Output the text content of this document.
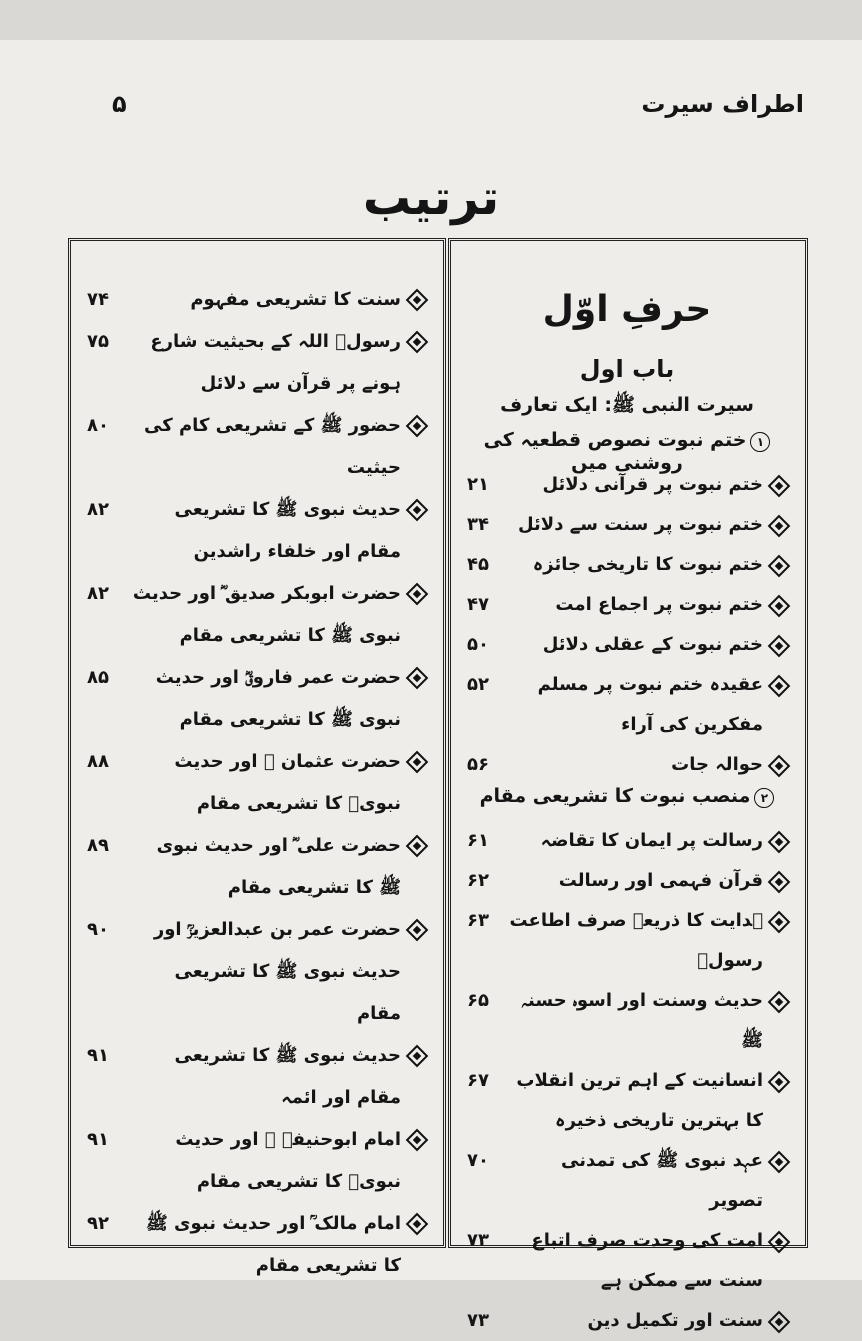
اطراف سیرت
۵
ترتیب
حرفِ اوّل
باب اول
سیرت النبی ﷺ: ایک تعارف
۱ختم نبوت نصوص قطعیہ کی روشنی میں
ختم نبوت پر قرآنی دلائل
۲۱
ختم نبوت پر سنت سے دلائل
۳۴
ختم نبوت کا تاریخی جائزہ
۴۵
ختم نبوت پر اجماع امت
۴۷
ختم نبوت کے عقلی دلائل
۵۰
عقیدہ ختم نبوت پر مسلم مفکرین کی آراء
۵۲
حوالہ جات
۵۶
۲منصب نبوت کا تشریعی مقام
رسالت پر ایمان کا تقاضہ
۶۱
قرآن فہمی اور رسالت
۶۲
ہدایت کا ذریعہ صرف اطاعت رسولؐ
۶۳
حدیث وسنت اور اسوہ حسنہ ﷺ
۶۵
انسانیت کے اہم ترین انقلاب کا بہترین تاریخی ذخیرہ
۶۷
عہد نبوی ﷺ کی تمدنی تصویر
۷۰
امت کی وحدت صرف اتباع سنت سے ممکن ہے
۷۳
سنت اور تکمیل دین
۷۳
سنت کا تشریعی مفہوم
۷۴
رسولؐ اللہ کے بحیثیت شارع ہونے پر قرآن سے دلائل
۷۵
حضور ﷺ کے تشریعی کام کی حیثیت
۸۰
حدیث نبوی ﷺ کا تشریعی مقام اور خلفاء راشدین
۸۲
حضرت ابوبکر صدیق ؓ اور حدیث نبوی ﷺ کا تشریعی مقام
۸۲
حضرت عمر فاروقؓ اور حدیث نبوی ﷺ کا تشریعی مقام
۸۵
حضرت عثمان ؓ اور حدیث نبویؐ کا تشریعی مقام
۸۸
حضرت علی ؓ اور حدیث نبوی ﷺ کا تشریعی مقام
۸۹
حضرت عمر بن عبدالعزیزؒ اور حدیث نبوی ﷺ کا تشریعی مقام
۹۰
حدیث نبوی ﷺ کا تشریعی مقام اور ائمہ
۹۱
امام ابوحنیفہ ؒ اور حدیث نبویؐ کا تشریعی مقام
۹۱
امام مالک ؒ اور حدیث نبوی ﷺ کا تشریعی مقام
۹۲
